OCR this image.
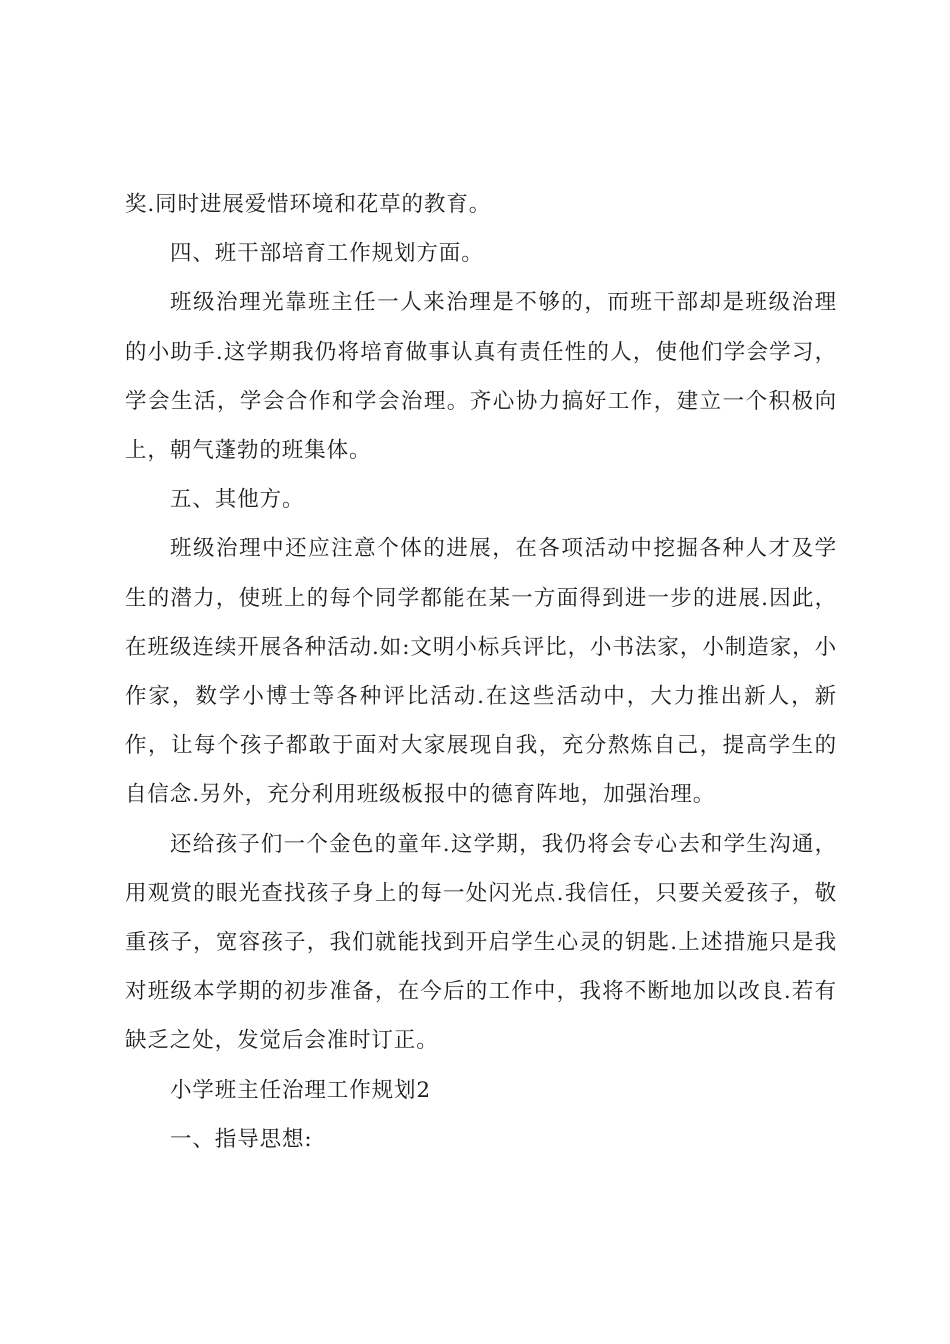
奖.同时进展爱惜环境和花草的教育。

四、班干部培育工作规划方面。

班级治理光靠班主任一人来治理是不够的，而班干部却是班级治理的小助手.这学期我仍将培育做事认真有责任性的人，使他们学会学习，学会生活，学会合作和学会治理。齐心协力搞好工作，建立一个积极向上，朝气蓬勃的班集体。

五、其他方。

班级治理中还应注意个体的进展，在各项活动中挖掘各种人才及学生的潜力，使班上的每个同学都能在某一方面得到进一步的进展.因此，在班级连续开展各种活动.如:文明小标兵评比，小书法家，小制造家，小作家，数学小博士等各种评比活动.在这些活动中，大力推出新人，新作，让每个孩子都敢于面对大家展现自我，充分熬炼自己，提高学生的自信念.另外，充分利用班级板报中的德育阵地，加强治理。

还给孩子们一个金色的童年.这学期，我仍将会专心去和学生沟通，用观赏的眼光查找孩子身上的每一处闪光点.我信任，只要关爱孩子，敬重孩子，宽容孩子，我们就能找到开启学生心灵的钥匙.上述措施只是我对班级本学期的初步准备，在今后的工作中，我将不断地加以改良.若有缺乏之处，发觉后会准时订正。

小学班主任治理工作规划2

一、指导思想:
